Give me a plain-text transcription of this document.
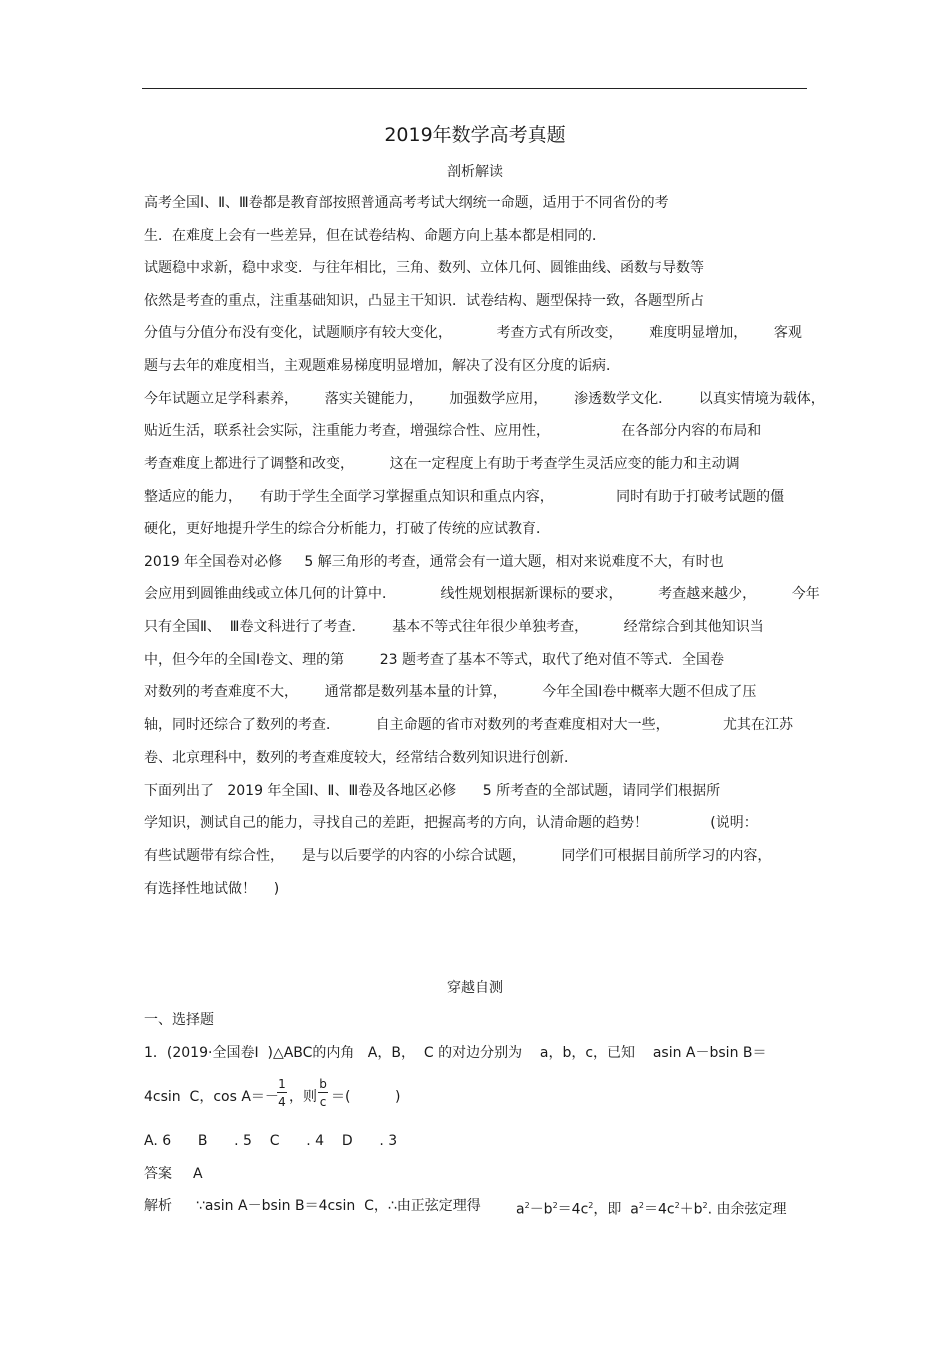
2019年数学高考真题
剖析解读
高考全国Ⅰ、Ⅱ、Ⅲ卷都是教育部按照普通高考考试大纲统一命题，适用于不同省份的考
生．在难度上会有一些差异，但在试卷结构、命题方向上基本都是相同的．
试题稳中求新，稳中求变．与往年相比，三角、数列、立体几何、圆锥曲线、函数与导数等
依然是考查的重点，注重基础知识，凸显主干知识．试卷结构、题型保持一致，各题型所占
分值与分值分布没有变化，试题顺序有较大变化，          考查方式有所改变，      难度明显增加，      客观
题与去年的难度相当，主观题难易梯度明显增加，解决了没有区分度的诟病．
今年试题立足学科素养，      落实关键能力，      加强数学应用，      渗透数学文化．      以真实情境为载体，
贴近生活，联系社会实际，注重能力考查，增强综合性、应用性，                在各部分内容的布局和
考查难度上都进行了调整和改变，        这在一定程度上有助于考查学生灵活应变的能力和主动调
整适应的能力，    有助于学生全面学习掌握重点知识和重点内容，              同时有助于打破考试题的僵
硬化，更好地提升学生的综合分析能力，打破了传统的应试教育．
2019 年全国卷对必修     5 解三角形的考查，通常会有一道大题，相对来说难度不大，有时也
会应用到圆锥曲线或立体几何的计算中．          线性规划根据新课标的要求，        考查越来越少，        今年
只有全国Ⅱ、  Ⅲ卷文科进行了考查．      基本不等式往年很少单独考查，        经常综合到其他知识当
中，但今年的全国Ⅰ卷文、理的第        23 题考查了基本不等式，取代了绝对值不等式．全国卷
对数列的考查难度不大，      通常都是数列基本量的计算，        今年全国Ⅰ卷中概率大题不但成了压
轴，同时还综合了数列的考查．        自主命题的省市对数列的考查难度相对大一些，            尤其在江苏
卷、北京理科中，数列的考查难度较大，经常结合数列知识进行创新．
下面列出了   2019 年全国Ⅰ、Ⅱ、Ⅲ卷及各地区必修      5 所考查的全部试题，请同学们根据所
学知识，测试自己的能力，寻找自己的差距，把握高考的方向，认清命题的趋势！              (说明：
有些试题带有综合性，    是与以后要学的内容的小综合试题，        同学们可根据目前所学习的内容，
有选择性地试做！    )
穿越自测
一、选择题
1．(2019·全国卷Ⅰ  )△ABC的内角   A，B，  C 的对边分别为    a，b，c，已知    asin A－bsin B＝
4csin  C，cos A＝－
1
4 ，则
b
c ＝(          )
A. 6      B      . 5    C      . 4    D      . 3
答案 A
解析 ∵asin A－bsin B＝4csin  C，∴由正弦定理得	$a^2-b^2=4c^2$，即  $a^2=4c^2+b^2$. 由余弦定理
